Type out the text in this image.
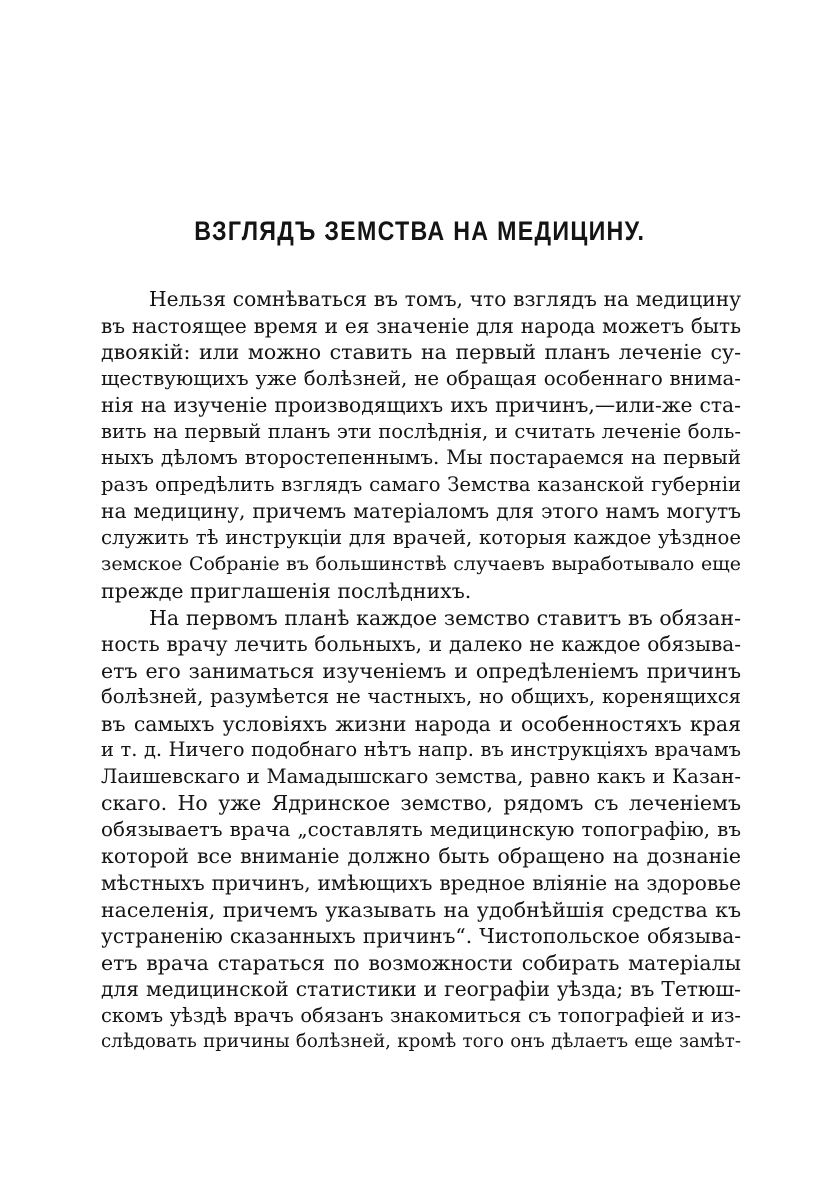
ВЗГЛЯДЪ ЗЕМСТВА НА МЕДИЦИНУ.
Нельзя сомнѣваться въ томъ, что взглядъ на медицину
въ настоящее время и ея значенiе для народа можетъ быть
двоякiй: или можно ставить на первый планъ леченiе су-
ществующихъ уже болѣзней, не обращая особеннаго внима-
нiя на изученiе производящихъ ихъ причинъ,—или-же ста-
вить на первый планъ эти послѣднiя, и считать леченiе боль-
ныхъ дѣломъ второстепеннымъ. Мы постараемся на первый
разъ опредѣлить взглядъ самаго Земства казанской губернiи
на медицину, причемъ матерiаломъ для этого намъ могутъ
служить тѣ инструкцiи для врачей, которыя каждое уѣздное
земское Собранiе въ большинствѣ случаевъ выработывало еще
прежде приглашенiя послѣднихъ.
На первомъ планѣ каждое земство ставитъ въ обязан-
ность врачу лечить больныхъ, и далеко не каждое обязыва-
етъ его заниматься изученiемъ и опредѣленiемъ причинъ
болѣзней, разумѣется не частныхъ, но общихъ, коренящихся
въ самыхъ условiяхъ жизни народа и особенностяхъ края
и т. д. Ничего подобнаго нѣтъ напр. въ инструкцiяхъ врачамъ
Лаишевскаго и Мамадышскаго земства, равно какъ и Казан-
скаго. Но уже Ядринское земство, рядомъ съ леченiемъ
обязываетъ врача „составлять медицинскую топографiю, въ
которой все вниманiе должно быть обращено на дознанiе
мѣстныхъ причинъ, имѣющихъ вредное влiянiе на здоровье
населенiя, причемъ указывать на удобнѣйшiя средства къ
устраненiю сказанныхъ причинъ“. Чистопольское обязыва-
етъ врача стараться по возможности собирать матерiалы
для медицинской статистики и географiи уѣзда; въ Тетюш-
скомъ уѣздѣ врачъ обязанъ знакомиться съ топографiей и из-
слѣдовать причины болѣзней, кромѣ того онъ дѣлаетъ еще замѣт-
